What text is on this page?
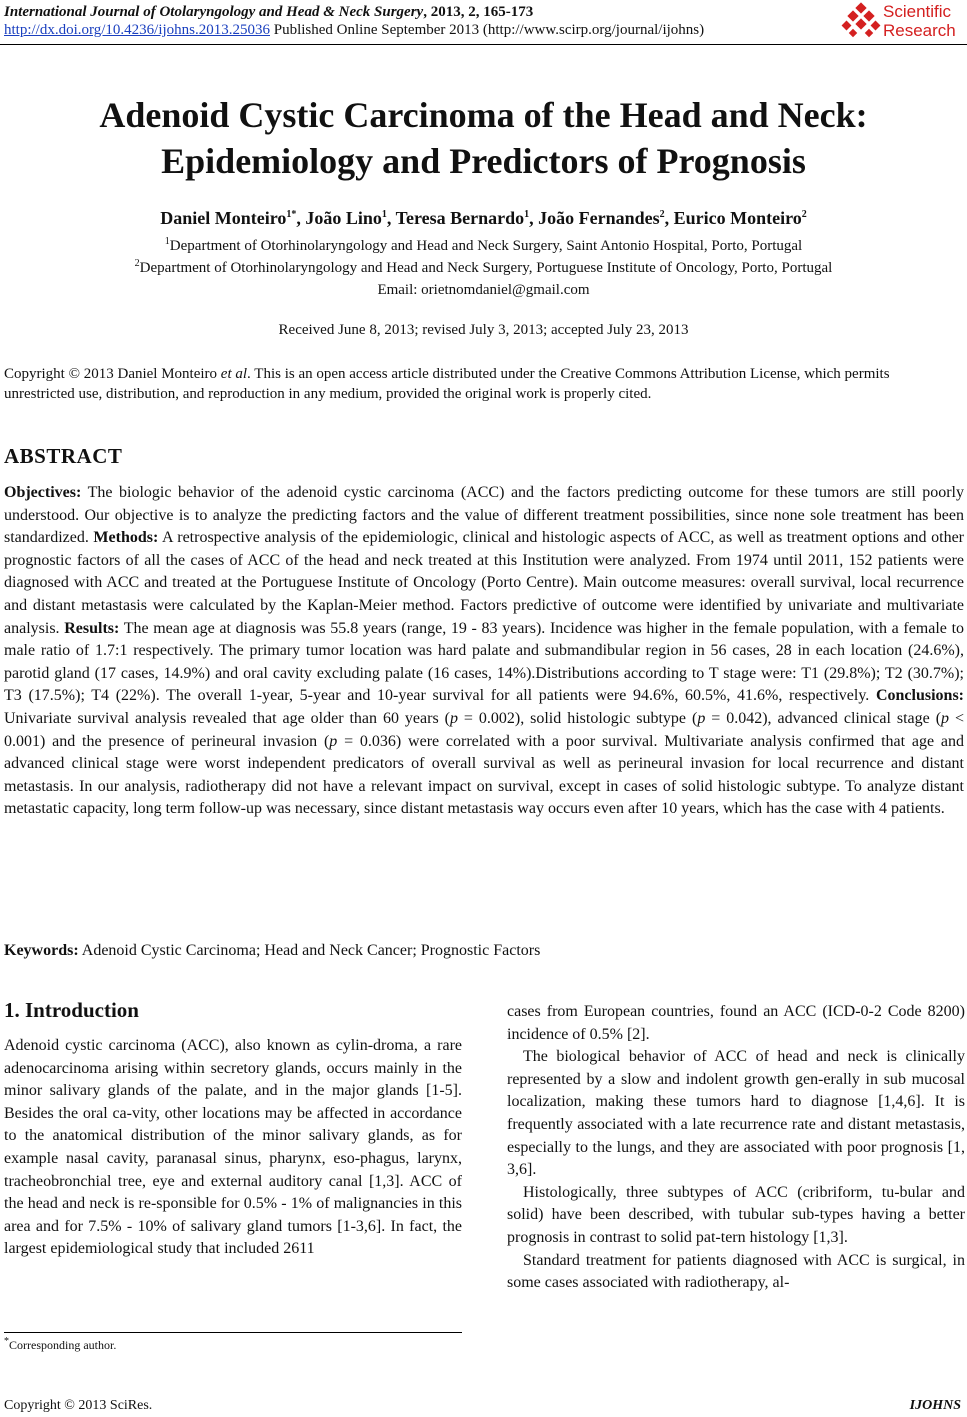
International Journal of Otolaryngology and Head & Neck Surgery, 2013, 2, 165-173
http://dx.doi.org/10.4236/ijohns.2013.25036 Published Online September 2013 (http://www.scirp.org/journal/ijohns)
Scientific
Research
Adenoid Cystic Carcinoma of the Head and Neck:
Epidemiology and Predictors of Prognosis
Daniel Monteiro$^{1*}$, João Lino$^1$, Teresa Bernardo$^1$, João Fernandes$^2$, Eurico Monteiro$^2$
$^1$Department of Otorhinolaryngology and Head and Neck Surgery, Saint Antonio Hospital, Porto, Portugal
$^2$Department of Otorhinolaryngology and Head and Neck Surgery, Portuguese Institute of Oncology, Porto, Portugal
Email: orietnomdaniel@gmail.com
Received June 8, 2013; revised July 3, 2013; accepted July 23, 2013
Copyright © 2013 Daniel Monteiro et al. This is an open access article distributed under the Creative Commons Attribution License, which permits unrestricted use, distribution, and reproduction in any medium, provided the original work is properly cited.
ABSTRACT
Objectives: The biologic behavior of the adenoid cystic carcinoma (ACC) and the factors predicting outcome for these tumors are still poorly understood. Our objective is to analyze the predicting factors and the value of different treatment possibilities, since none sole treatment has been standardized. Methods: A retrospective analysis of the epidemiologic, clinical and histologic aspects of ACC, as well as treatment options and other prognostic factors of all the cases of ACC of the head and neck treated at this Institution were analyzed. From 1974 until 2011, 152 patients were diagnosed with ACC and treated at the Portuguese Institute of Oncology (Porto Centre). Main outcome measures: overall survival, local recurrence and distant metastasis were calculated by the Kaplan-Meier method. Factors predictive of outcome were identified by univariate and multivariate analysis. Results: The mean age at diagnosis was 55.8 years (range, 19 - 83 years). Incidence was higher in the female population, with a female to male ratio of 1.7:1 respectively. The primary tumor location was hard palate and submandibular region in 56 cases, 28 in each location (24.6%), parotid gland (17 cases, 14.9%) and oral cavity excluding palate (16 cases, 14%).Distributions according to T stage were: T1 (29.8%); T2 (30.7%); T3 (17.5%); T4 (22%). The overall 1-year, 5-year and 10-year survival for all patients were 94.6%, 60.5%, 41.6%, respectively. Conclusions: Univariate survival analysis revealed that age older than 60 years (p = 0.002), solid histologic subtype (p = 0.042), advanced clinical stage (p < 0.001) and the presence of perineural invasion (p = 0.036) were correlated with a poor survival. Multivariate analysis confirmed that age and advanced clinical stage were worst independent predicators of overall survival as well as perineural invasion for local recurrence and distant metastasis. In our analysis, radiotherapy did not have a relevant impact on survival, except in cases of solid histologic subtype. To analyze distant metastatic capacity, long term follow-up was necessary, since distant metastasis way occurs even after 10 years, which has the case with 4 patients.
Keywords: Adenoid Cystic Carcinoma; Head and Neck Cancer; Prognostic Factors
1. Introduction

Adenoid cystic carcinoma (ACC), also known as cylin-droma, a rare adenocarcinoma arising within secretory glands, occurs mainly in the minor salivary glands of the palate, and in the major glands [1-5]. Besides the oral ca-vity, other locations may be affected in accordance to the anatomical distribution of the minor salivary glands, as for example nasal cavity, paranasal sinus, pharynx, eso-phagus, larynx, tracheobronchial tree, eye and external auditory canal [1,3]. ACC of the head and neck is re-sponsible for 0.5% - 1% of malignancies in this area and for 7.5% - 10% of salivary gland tumors [1-3,6]. In fact, the largest epidemiological study that included 2611

cases from European countries, found an ACC (ICD-0-2 Code 8200) incidence of 0.5% [2].

The biological behavior of ACC of head and neck is clinically represented by a slow and indolent growth gen-erally in sub mucosal localization, making these tumors hard to diagnose [1,4,6]. It is frequently associated with a late recurrence rate and distant metastasis, especially to the lungs, and they are associated with poor prognosis [1, 3,6].

Histologically, three subtypes of ACC (cribriform, tu-bular and solid) have been described, with tubular sub-types having a better prognosis in contrast to solid pat-tern histology [1,3].

Standard treatment for patients diagnosed with ACC is surgical, in some cases associated with radiotherapy, al-

*Corresponding author.
Copyright © 2013 SciRes.	IJOHNS
